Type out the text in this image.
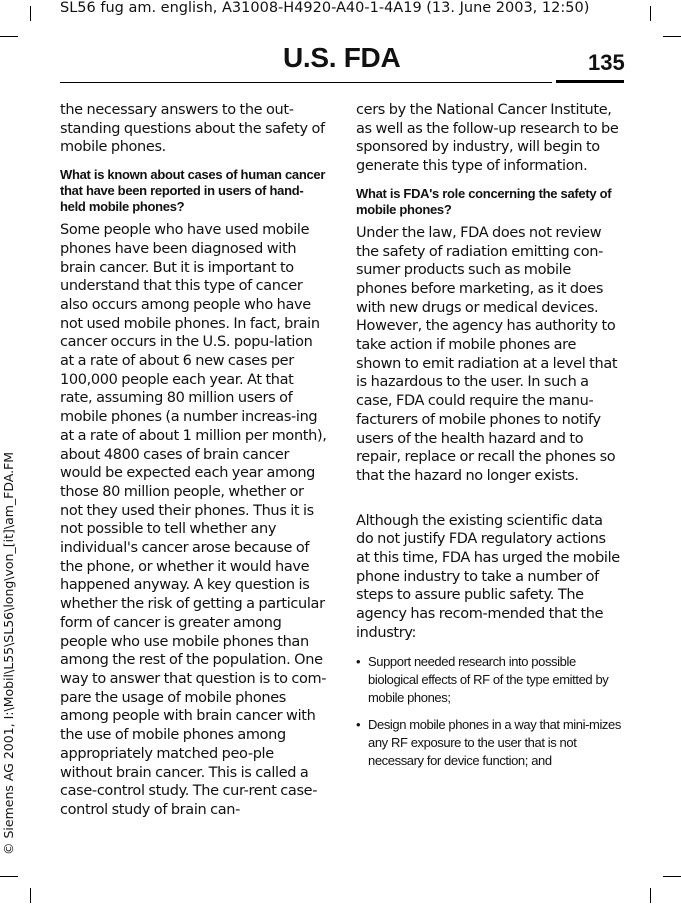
SL56 fug am. english, A31008-H4920-A40-1-4A19 (13. June 2003, 12:50)
U.S. FDA	135
© Siemens AG 2001, I:\Mobil\L55\SL56\long\von_[it]\am_FDA.FM

the necessary answers to the out-standing questions about the safety of mobile phones.

What is known about cases of human cancer that have been reported in users of hand-held mobile phones?

Some people who have used mobile phones have been diagnosed with brain cancer. But it is important to understand that this type of cancer also occurs among people who have not used mobile phones. In fact, brain cancer occurs in the U.S. popu-lation at a rate of about 6 new cases per 100,000 people each year. At that rate, assuming 80 million users of mobile phones (a number increas-ing at a rate of about 1 million per month), about 4800 cases of brain cancer would be expected each year among those 80 million people, whether or not they used their phones. Thus it is not possible to tell whether any individual's cancer arose because of the phone, or whether it would have happened anyway. A key question is whether the risk of getting a particular form of cancer is greater among people who use mobile phones than among the rest of the population. One way to answer that question is to com-pare the usage of mobile phones among people with brain cancer with the use of mobile phones among appropriately matched peo-ple without brain cancer. This is called a case-control study. The cur-rent case-control study of brain can-

cers by the National Cancer Institute, as well as the follow-up research to be sponsored by industry, will begin to generate this type of information.

What is FDA's role concerning the safety of mobile phones?

Under the law, FDA does not review the safety of radiation emitting con-sumer products such as mobile phones before marketing, as it does with new drugs or medical devices. However, the agency has authority to take action if mobile phones are shown to emit radiation at a level that is hazardous to the user. In such a case, FDA could require the manu-facturers of mobile phones to notify users of the health hazard and to repair, replace or recall the phones so that the hazard no longer exists.

Although the existing scientific data do not justify FDA regulatory actions at this time, FDA has urged the mobile phone industry to take a number of steps to assure public safety. The agency has recom-mended that the industry:

• Support needed research into possible biological effects of RF of the type emitted by mobile phones;
• Design mobile phones in a way that mini-mizes any RF exposure to the user that is not necessary for device function; and
